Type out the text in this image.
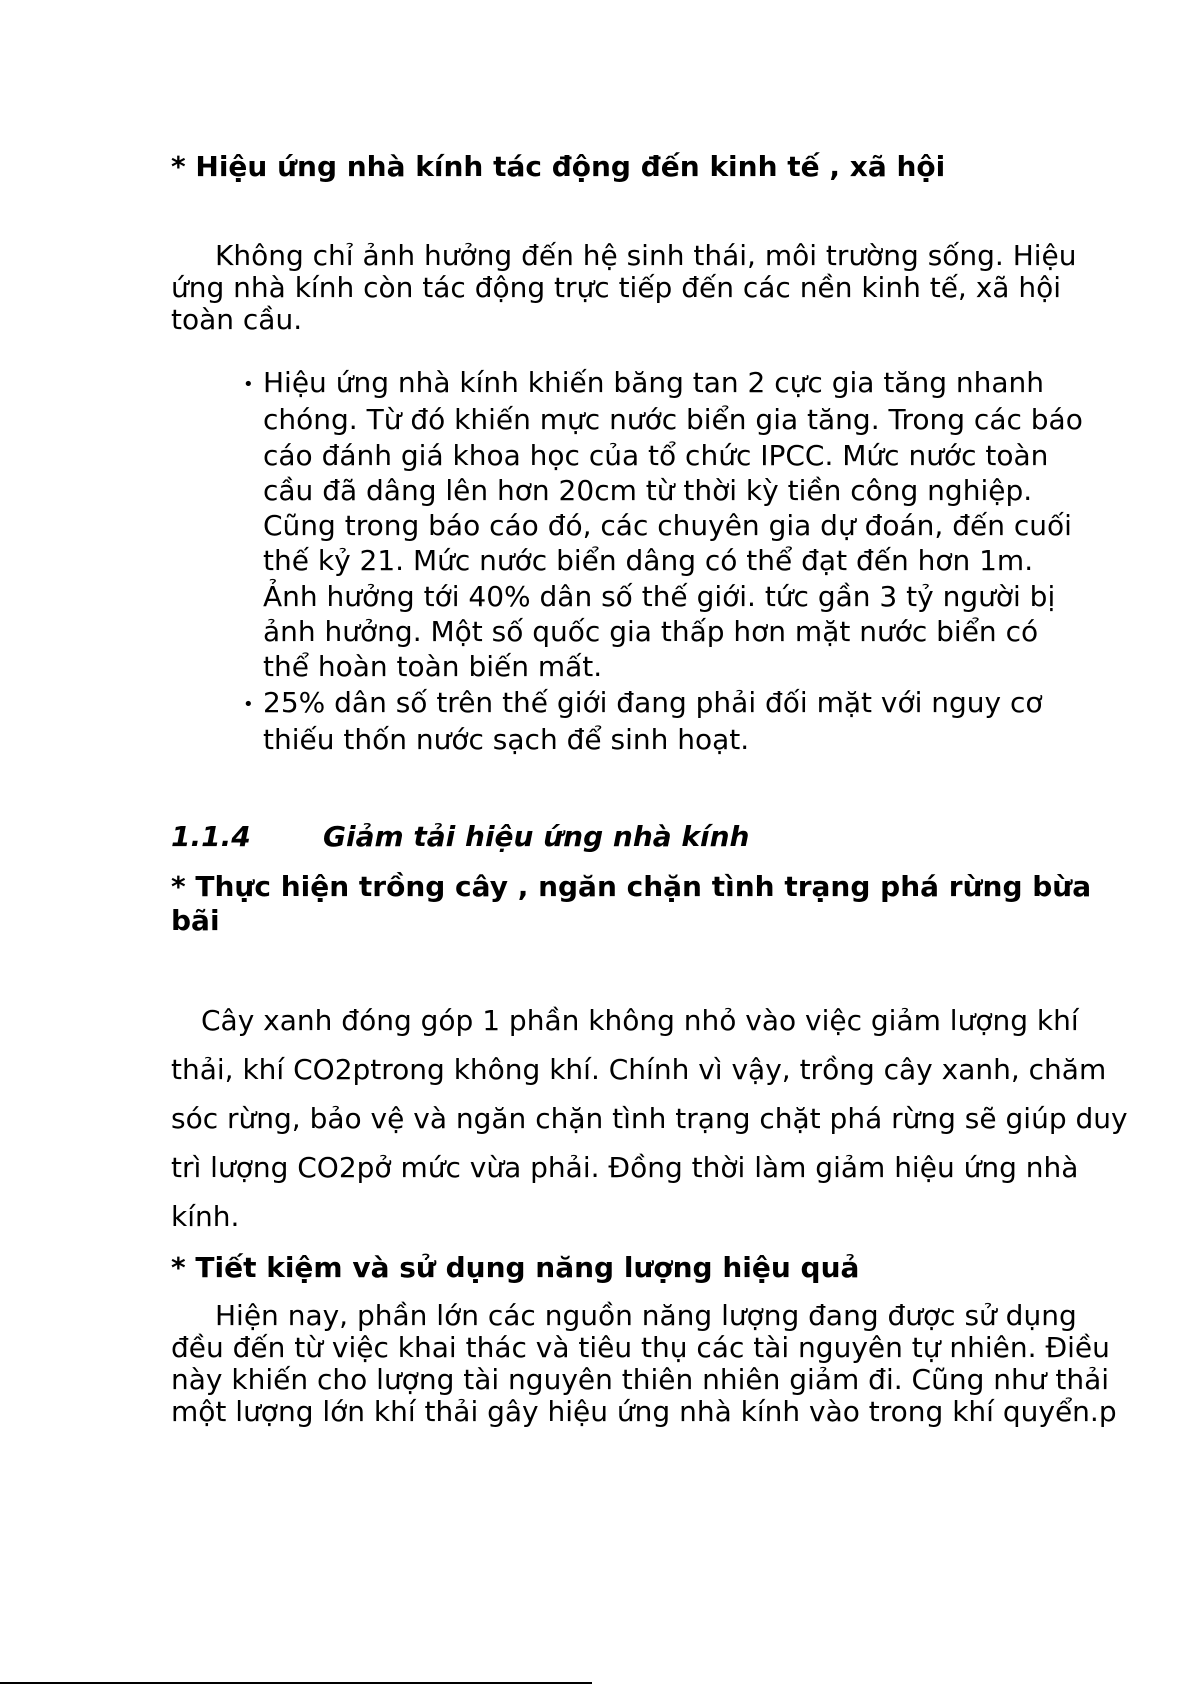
* Hiệu ứng nhà kính tác động đến kinh tế , xã hội

Không chỉ ảnh hưởng đến hệ sinh thái, môi trường sống. Hiệu ứng nhà kính còn tác động trực tiếp đến các nền kinh tế, xã hội toàn cầu.

• Hiệu ứng nhà kính khiến băng tan 2 cực gia tăng nhanh chóng. Từ đó khiến mực nước biển gia tăng. Trong các báo cáo đánh giá khoa học của tổ chức IPCC. Mức nước toàn cầu đã dâng lên hơn 20cm từ thời kỳ tiền công nghiệp. Cũng trong báo cáo đó, các chuyên gia dự đoán, đến cuối thế kỷ 21. Mức nước biển dâng có thể đạt đến hơn 1m. Ảnh hưởng tới 40% dân số thế giới. tức gần 3 tỷ người bị ảnh hưởng. Một số quốc gia thấp hơn mặt nước biển có thể hoàn toàn biến mất.
• 25% dân số trên thế giới đang phải đối mặt với nguy cơ thiếu thốn nước sạch để sinh hoạt.
1.1.4	Giảm tải hiệu ứng nhà kính

* Thực hiện trồng cây , ngăn chặn tình trạng phá rừng bừa bãi

Cây xanh đóng góp 1 phần không nhỏ vào việc giảm lượng khí thải, khí CO2ptrong không khí. Chính vì vậy, trồng cây xanh, chăm sóc rừng, bảo vệ và ngăn chặn tình trạng chặt phá rừng sẽ giúp duy trì lượng CO2pở mức vừa phải. Đồng thời làm giảm hiệu ứng nhà kính.

* Tiết kiệm và sử dụng năng lượng hiệu quả

Hiện nay, phần lớn các nguồn năng lượng đang được sử dụng đều đến từ việc khai thác và tiêu thụ các tài nguyên tự nhiên. Điều này khiến cho lượng tài nguyên thiên nhiên giảm đi. Cũng như thải một lượng lớn khí thải gây hiệu ứng nhà kính vào trong khí quyển.p
